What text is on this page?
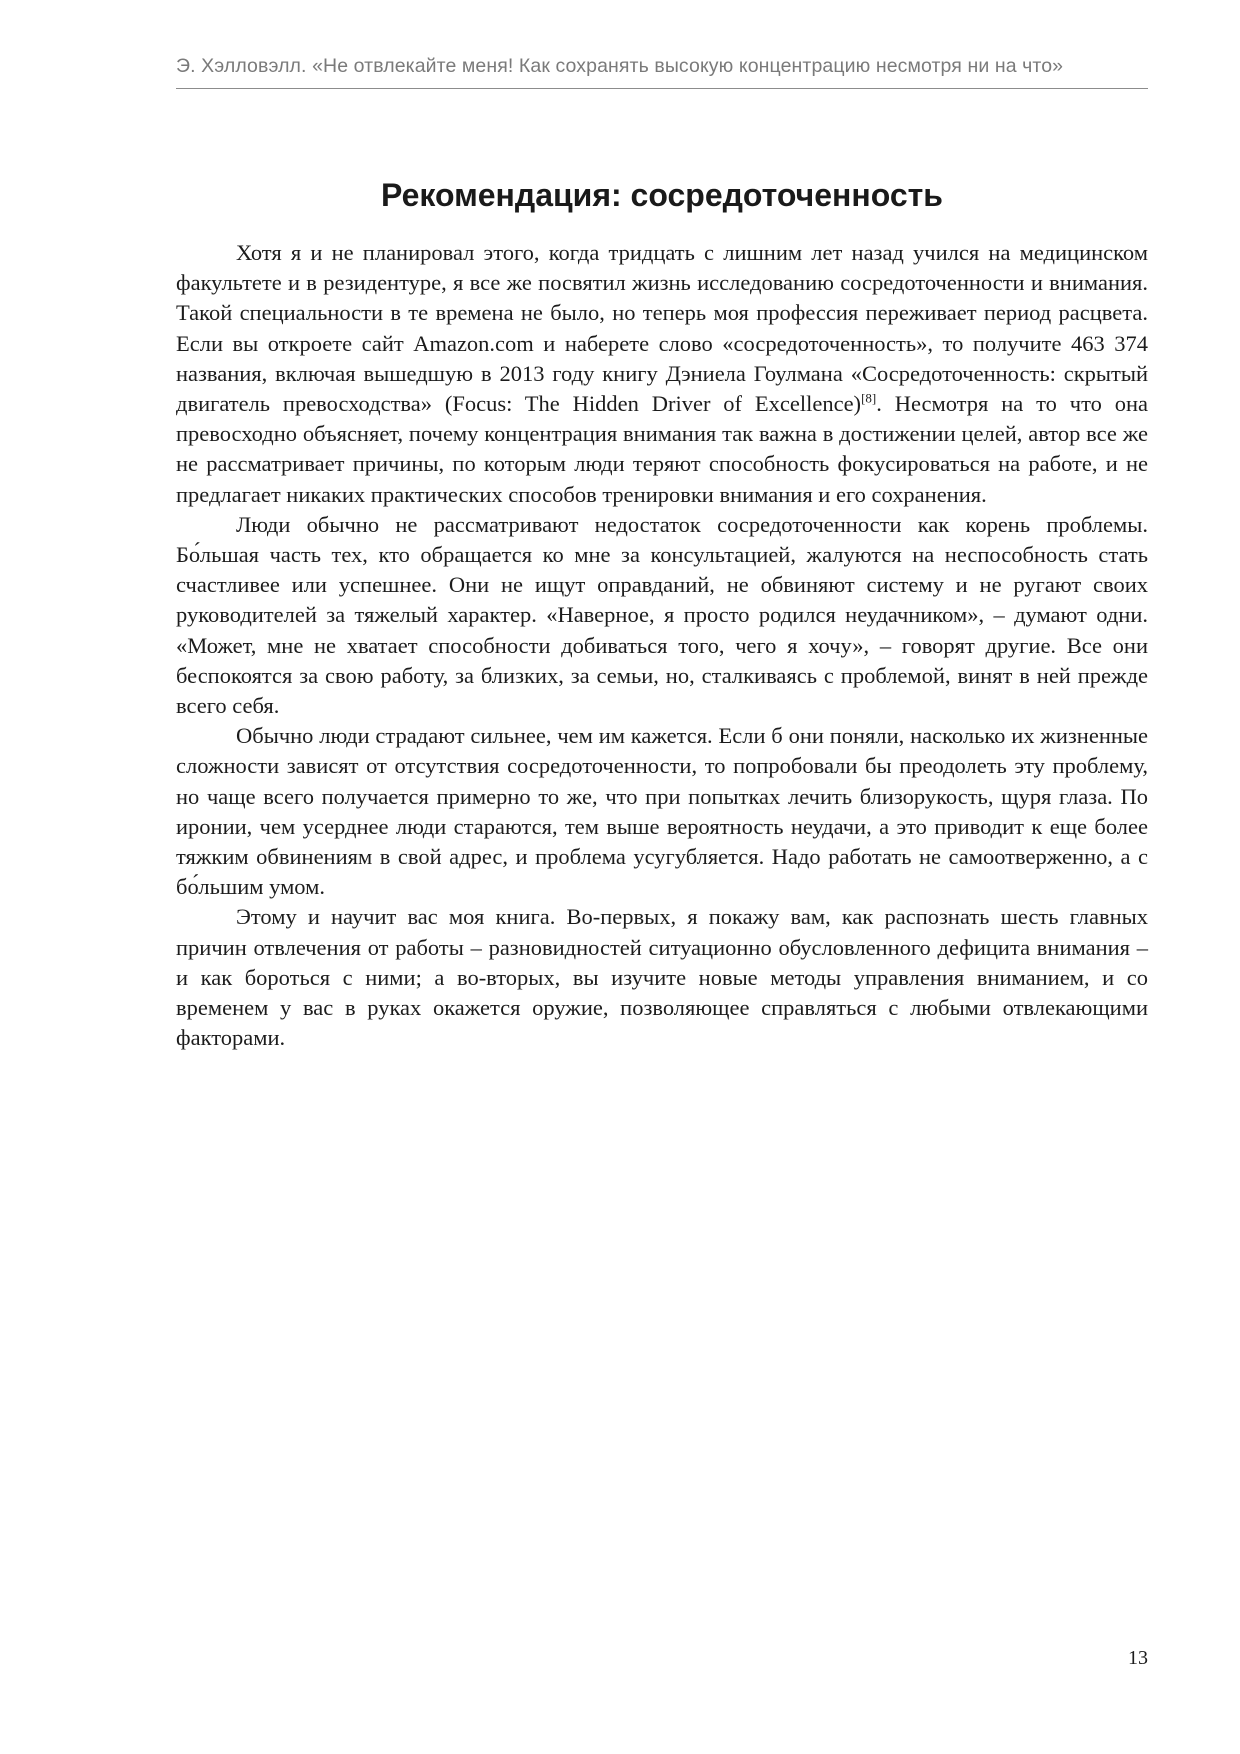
Э. Хэлловэлл. «Не отвлекайте меня! Как сохранять высокую концентрацию несмотря ни на что»
Рекомендация: сосредоточенность

Хотя я и не планировал этого, когда тридцать с лишним лет назад учился на медицинском факультете и в резидентуре, я все же посвятил жизнь исследованию сосредоточенности и внимания. Такой специальности в те времена не было, но теперь моя профессия переживает период расцвета. Если вы откроете сайт Amazon.com и наберете слово «сосредоточенность», то получите 463 374 названия, включая вышедшую в 2013 году книгу Дэниела Гоулмана «Сосредоточенность: скрытый двигатель превосходства» (Focus: The Hidden Driver of Excellence)[8]. Несмотря на то что она превосходно объясняет, почему концентрация внимания так важна в достижении целей, автор все же не рассматривает причины, по которым люди теряют способность фокусироваться на работе, и не предлагает никаких практических способов тренировки внимания и его сохранения.

Люди обычно не рассматривают недостаток сосредоточенности как корень проблемы. Бо́льшая часть тех, кто обращается ко мне за консультацией, жалуются на неспособность стать счастливее или успешнее. Они не ищут оправданий, не обвиняют систему и не ругают своих руководителей за тяжелый характер. «Наверное, я просто родился неудачником», – думают одни. «Может, мне не хватает способности добиваться того, чего я хочу», – говорят другие. Все они беспокоятся за свою работу, за близких, за семьи, но, сталкиваясь с проблемой, винят в ней прежде всего себя.

Обычно люди страдают сильнее, чем им кажется. Если б они поняли, насколько их жизненные сложности зависят от отсутствия сосредоточенности, то попробовали бы преодолеть эту проблему, но чаще всего получается примерно то же, что при попытках лечить близорукость, щуря глаза. По иронии, чем усерднее люди стараются, тем выше вероятность неудачи, а это приводит к еще более тяжким обвинениям в свой адрес, и проблема усугубляется. Надо работать не самоотверженно, а с бо́льшим умом.

Этому и научит вас моя книга. Во-первых, я покажу вам, как распознать шесть главных причин отвлечения от работы – разновидностей ситуационно обусловленного дефицита внимания – и как бороться с ними; а во-вторых, вы изучите новые методы управления вниманием, и со временем у вас в руках окажется оружие, позволяющее справляться с любыми отвлекающими факторами.

13
